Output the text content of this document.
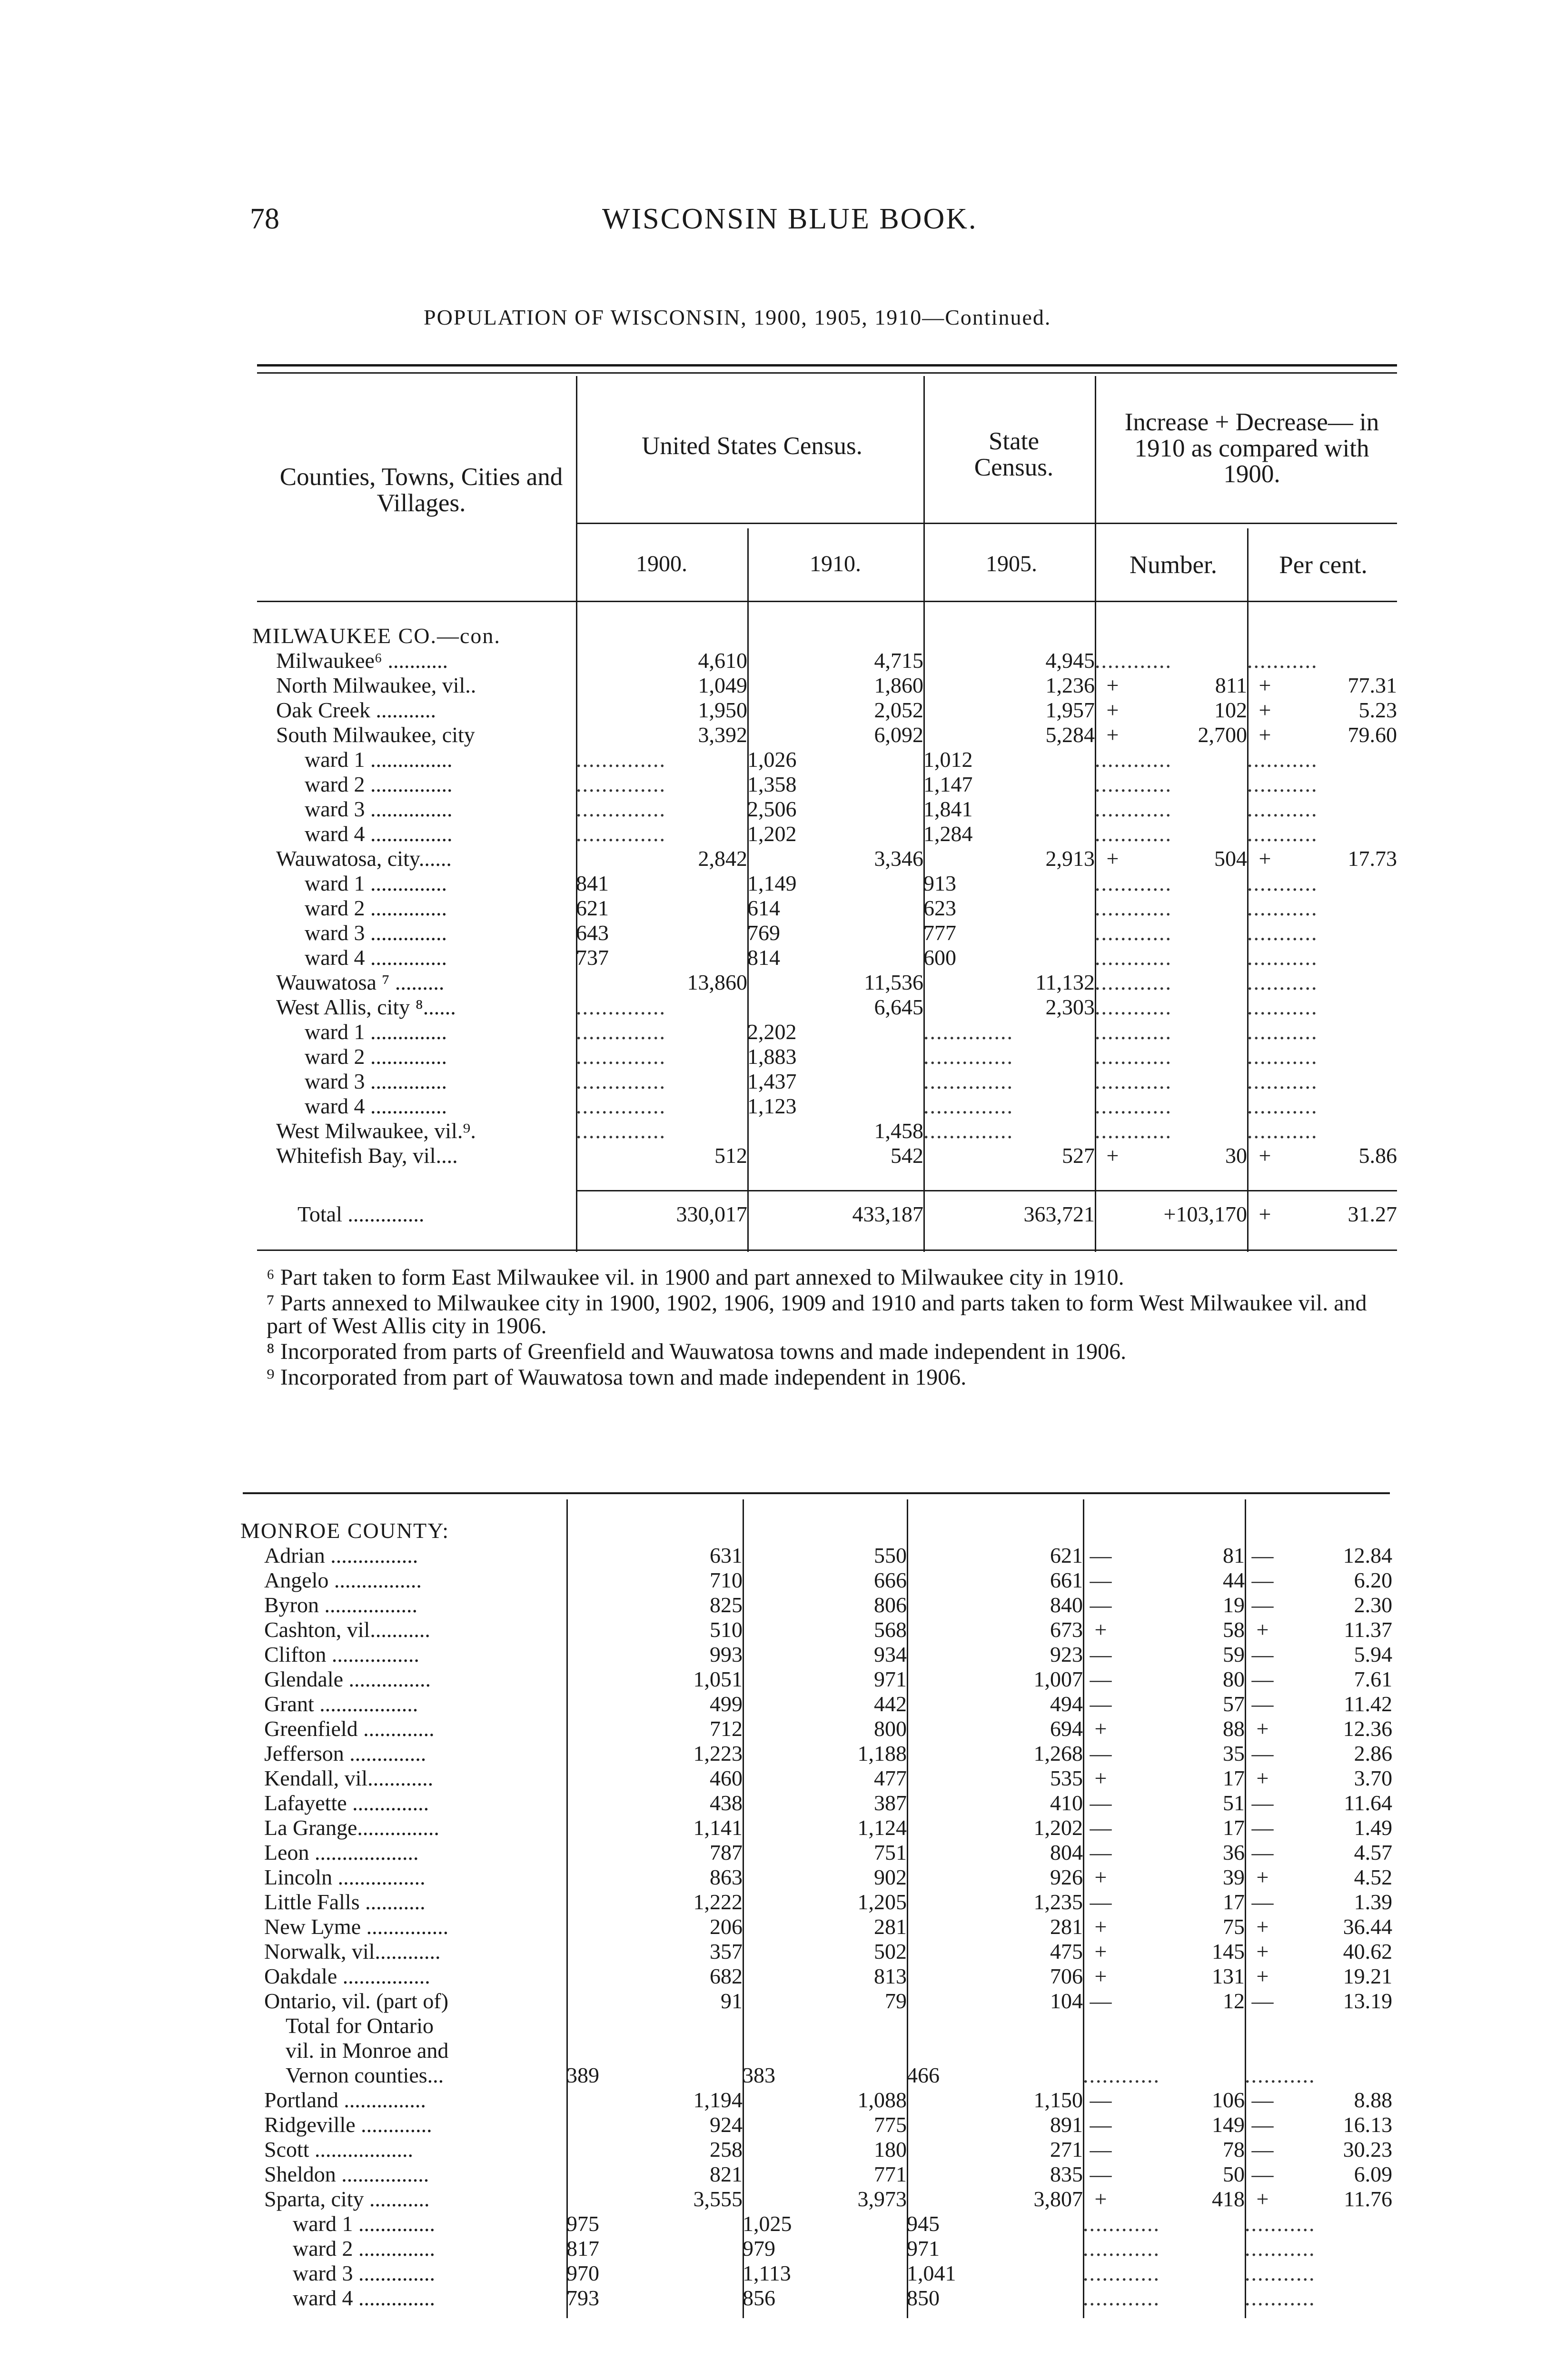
78	WISCONSIN BLUE BOOK.
POPULATION OF WISCONSIN, 1900, 1905, 1910—Continued.
Counties, Towns, Cities and Villages.
United States Census.	State Census.
Increase + Decrease— in 1910 as compared with 1900.
1900.	1910.	1905.	Number.	Per cent.
MILWAUKEE CO.—con.							
Milwaukee⁶ ...........	4,610	4,715	4,945	............		...........	
North Milwaukee, vil..	1,049	1,860	1,236	+	811	+	77.31
Oak Creek ...........	1,950	2,052	1,957	+	102	+	5.23
South Milwaukee, city	3,392	6,092	5,284	+	2,700	+	79.60
ward 1 ...............	..............	1,026	1,012	............		...........	
ward 2 ...............	..............	1,358	1,147	............		...........	
ward 3 ...............	..............	2,506	1,841	............		...........	
ward 4 ...............	..............	1,202	1,284	............		...........	
Wauwatosa, city......	2,842	3,346	2,913	+	504	+	17.73
ward 1 ..............	841	1,149	913	............		...........	
ward 2 ..............	621	614	623	............		...........	
ward 3 ..............	643	769	777	............		...........	
ward 4 ..............	737	814	600	............		...........	
Wauwatosa ⁷ .........	13,860	11,536	11,132	............		...........	
West Allis, city ⁸......	..............	6,645	2,303	............		...........	
ward 1 ..............	..............	2,202	..............	............		...........	
ward 2 ..............	..............	1,883	..............	............		...........	
ward 3 ..............	..............	1,437	..............	............		...........	
ward 4 ..............	..............	1,123	..............	............		...........	
West Milwaukee, vil.⁹.	..............	1,458	..............	............		...........	
Whitefish Bay, vil....	512	542	527	+	30	+	5.86
Total ..............	330,017	433,187	363,721	+103,170	+	31.27

⁶ Part taken to form East Milwaukee vil. in 1900 and part annexed to Milwaukee city in 1910.

⁷ Parts annexed to Milwaukee city in 1900, 1902, 1906, 1909 and 1910 and parts taken to form West Milwaukee vil. and part of West Allis city in 1906.

⁸ Incorporated from parts of Greenfield and Wauwatosa towns and made independent in 1906.

⁹ Incorporated from part of Wauwatosa town and made independent in 1906.

MONROE COUNTY:							
Adrian ................	631	550	621	—	81	—	12.84
Angelo ................	710	666	661	—	44	—	6.20
Byron .................	825	806	840	—	19	—	2.30
Cashton, vil...........	510	568	673	+	58	+	11.37
Clifton ................	993	934	923	—	59	—	5.94
Glendale ...............	1,051	971	1,007	—	80	—	7.61
Grant ..................	499	442	494	—	57	—	11.42
Greenfield .............	712	800	694	+	88	+	12.36
Jefferson ..............	1,223	1,188	1,268	—	35	—	2.86
Kendall, vil............	460	477	535	+	17	+	3.70
Lafayette ..............	438	387	410	—	51	—	11.64
La Grange...............	1,141	1,124	1,202	—	17	—	1.49
Leon ...................	787	751	804	—	36	—	4.57
Lincoln ................	863	902	926	+	39	+	4.52
Little Falls ...........	1,222	1,205	1,235	—	17	—	1.39
New Lyme ...............	206	281	281	+	75	+	36.44
Norwalk, vil............	357	502	475	+	145	+	40.62
Oakdale ................	682	813	706	+	131	+	19.21
Ontario, vil. (part of)	91	79	104	—	12	—	13.19
Total for Ontario							
vil. in Monroe and							
Vernon counties...	389	383	466	............		...........	
Portland ...............	1,194	1,088	1,150	—	106	—	8.88
Ridgeville .............	924	775	891	—	149	—	16.13
Scott ..................	258	180	271	—	78	—	30.23
Sheldon ................	821	771	835	—	50	—	6.09
Sparta, city ...........	3,555	3,973	3,807	+	418	+	11.76
ward 1 ..............	975	1,025	945	............		...........	
ward 2 ..............	817	979	971	............		...........	
ward 3 ..............	970	1,113	1,041	............		...........	
ward 4 ..............	793	856	850	............		...........	
